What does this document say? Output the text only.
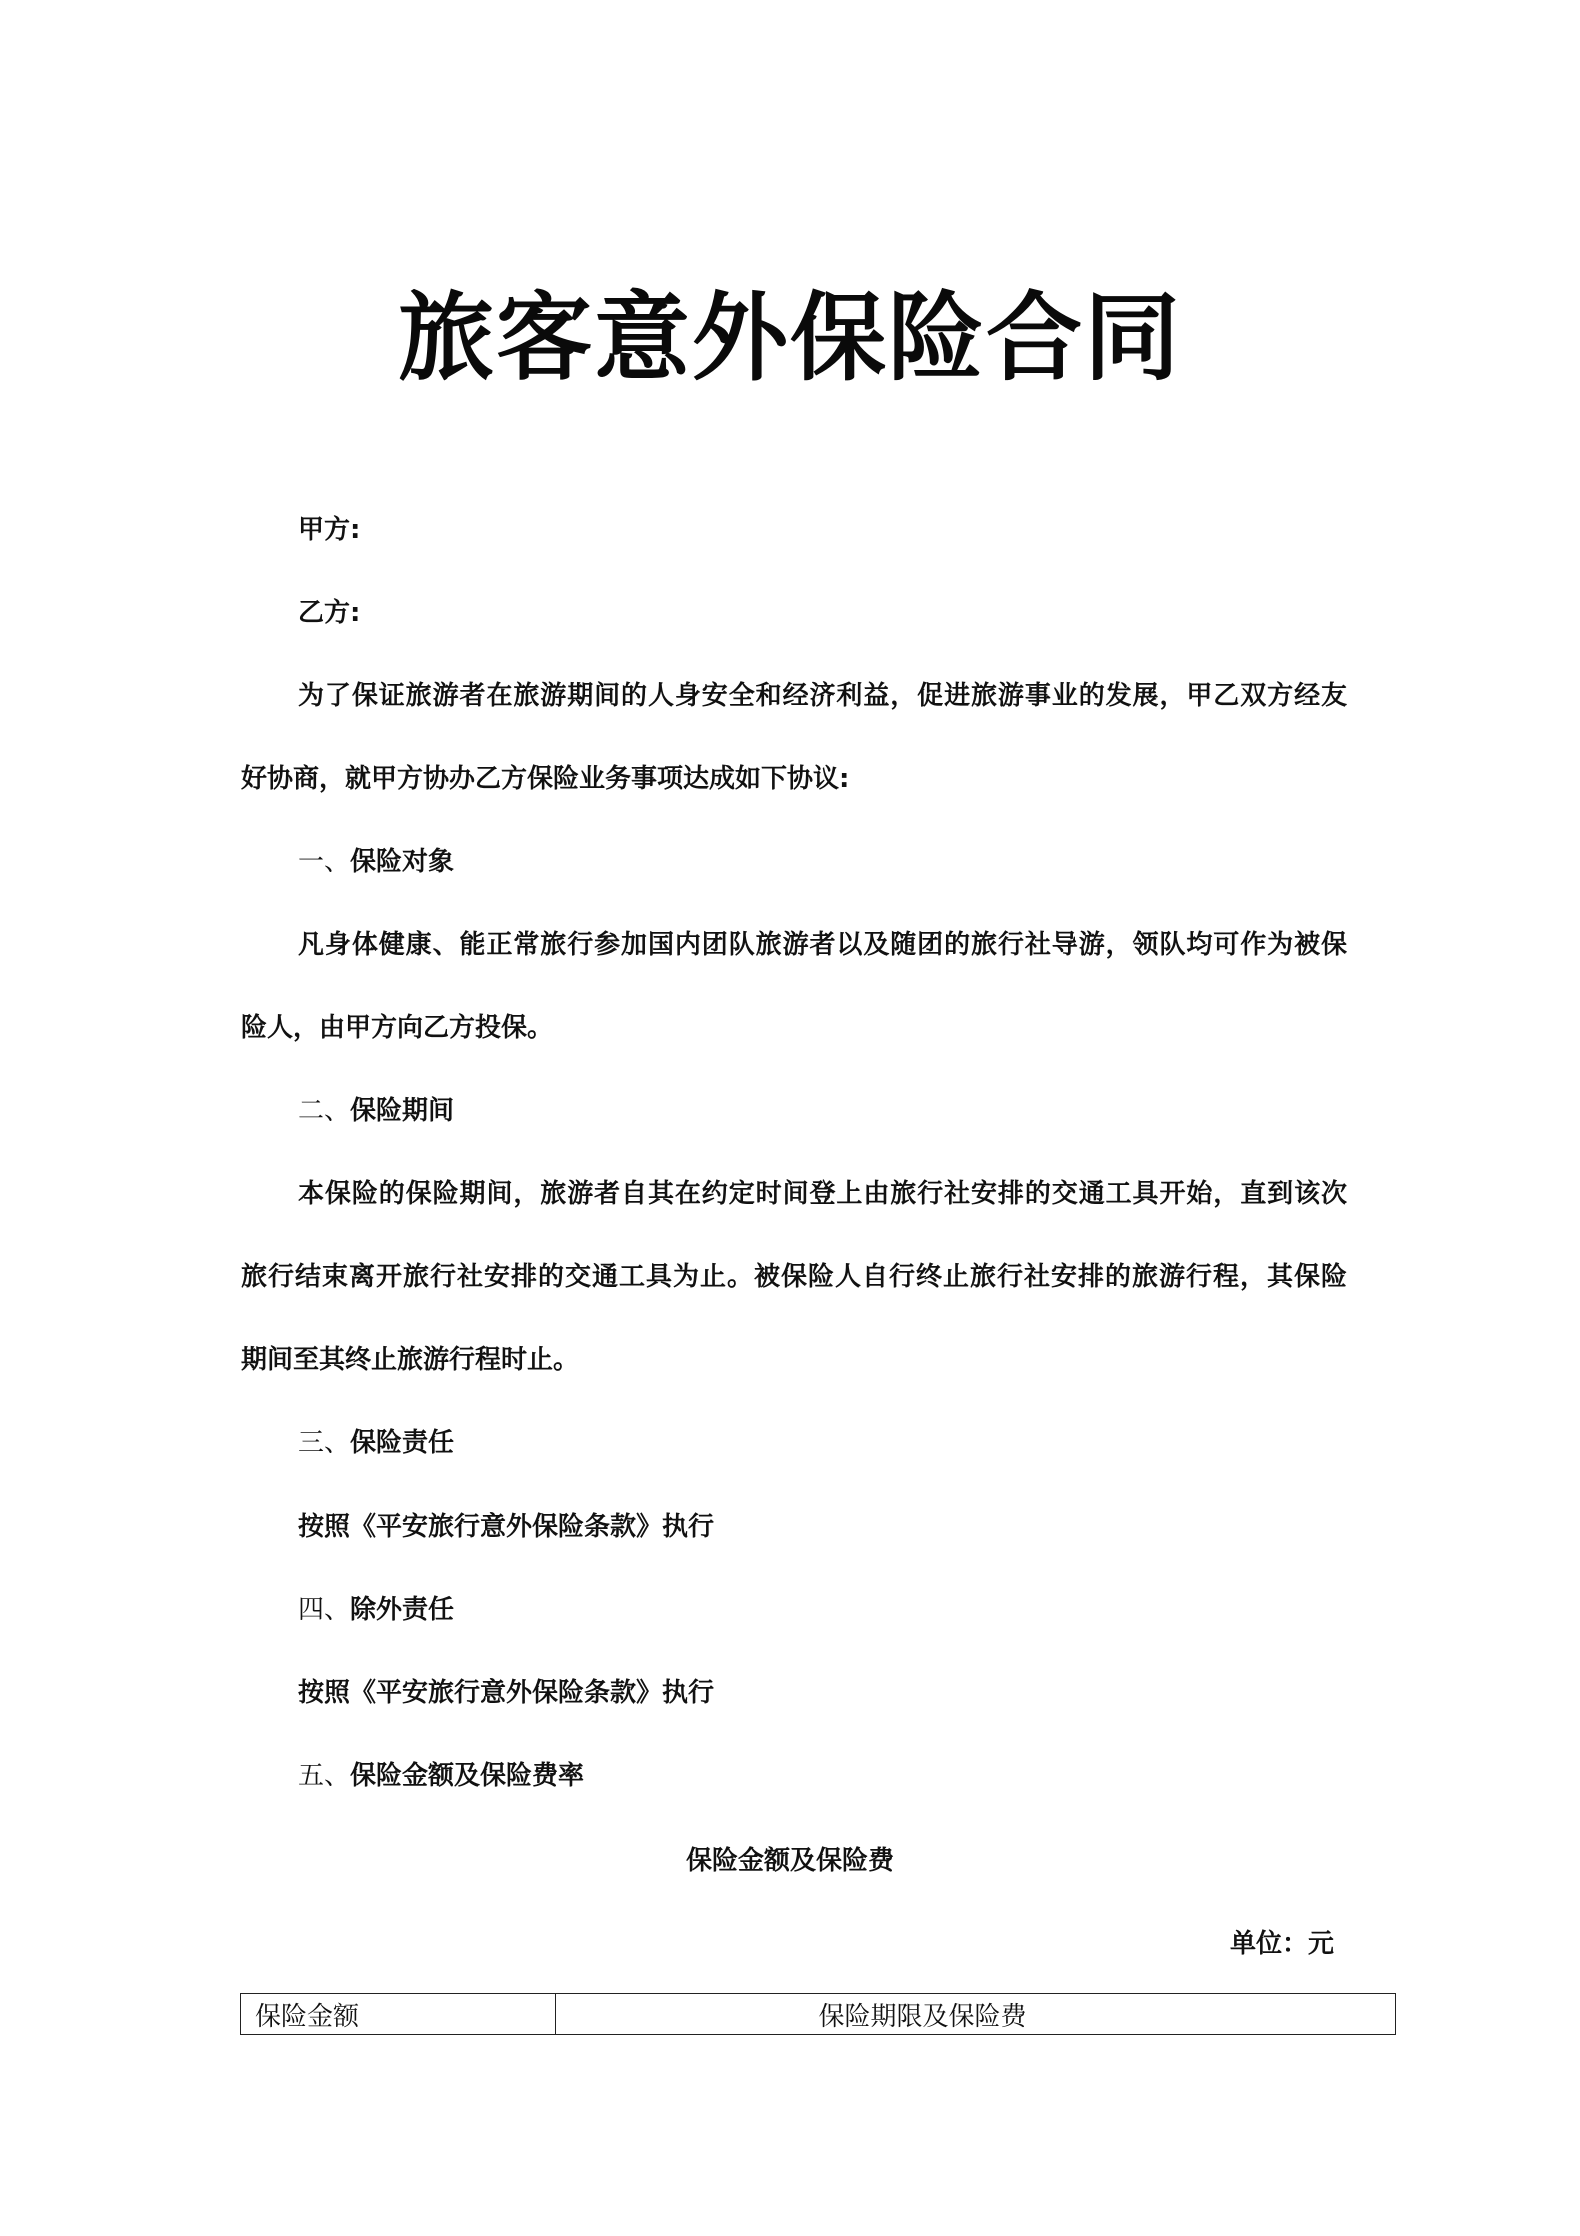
旅客意外保险合同
甲方:
乙方:
为了保证旅游者在旅游期间的人身安全和经济利益，促进旅游事业的发展，甲乙双方经友
好协商，就甲方协办乙方保险业务事项达成如下协议:
一、保险对象
凡身体健康、能正常旅行参加国内团队旅游者以及随团的旅行社导游，领队均可作为被保
险人，由甲方向乙方投保。
二、保险期间
本保险的保险期间，旅游者自其在约定时间登上由旅行社安排的交通工具开始，直到该次
旅行结束离开旅行社安排的交通工具为止。被保险人自行终止旅行社安排的旅游行程，其保险
期间至其终止旅游行程时止。
三、保险责任
按照《平安旅行意外保险条款》执行
四、除外责任
按照《平安旅行意外保险条款》执行
五、保险金额及保险费率
保险金额及保险费
单位：元
保险金额	保险期限及保险费
